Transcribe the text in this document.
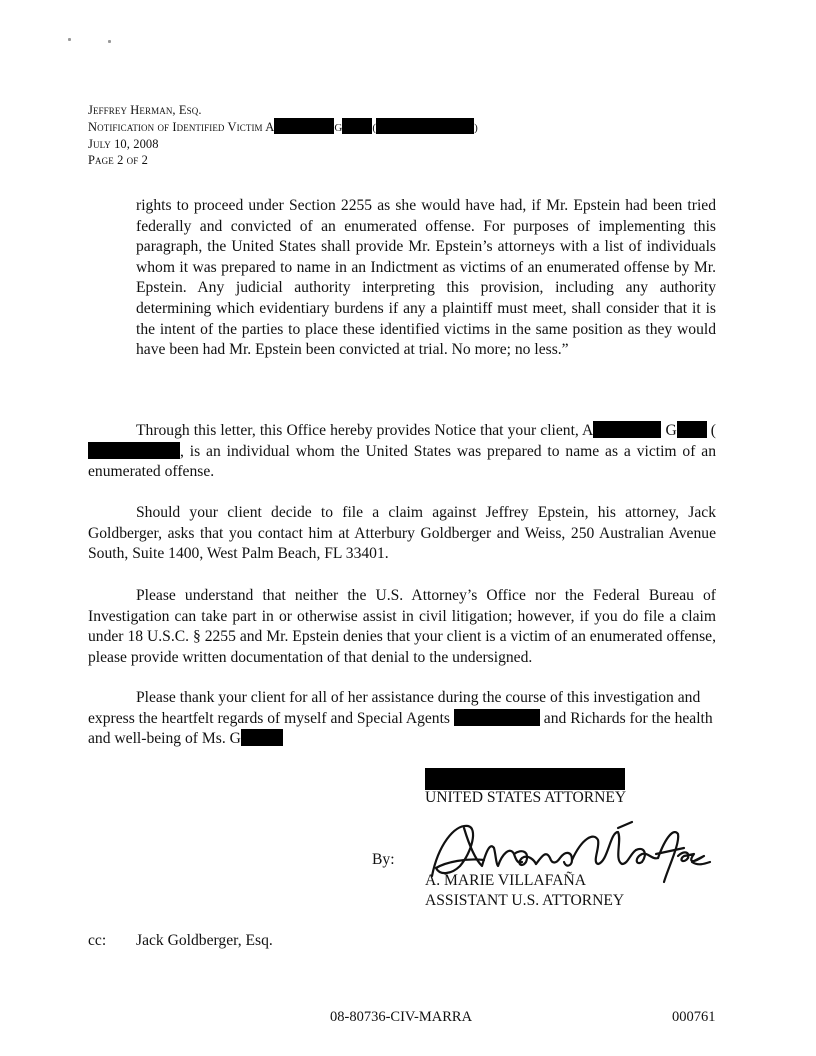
Jeffrey Herman, Esq.
Notification of Identified Victim A	G	(	)
July 10, 2008
Page 2 of 2
rights to proceed under Section 2255 as she would have had, if Mr. Epstein had been tried federally and convicted of an enumerated offense. For purposes of implementing this paragraph, the United States shall provide Mr. Epstein’s attorneys with a list of individuals whom it was prepared to name in an Indictment as victims of an enumerated offense by Mr. Epstein. Any judicial authority interpreting this provision, including any authority determining which evidentiary burdens if any a plaintiff must meet, shall consider that it is the intent of the parties to place these identified victims in the same position as they would have been had Mr. Epstein been convicted at trial. No more; no less.”

Through this letter, this Office hereby provides Notice that your client, A	G (, is an individual whom the United States was prepared to name as a victim of an enumerated offense.

Should your client decide to file a claim against Jeffrey Epstein, his attorney, Jack Goldberger, asks that you contact him at Atterbury Goldberger and Weiss, 250 Australian Avenue South, Suite 1400, West Palm Beach, FL 33401.

Please understand that neither the U.S. Attorney’s Office nor the Federal Bureau of Investigation can take part in or otherwise assist in civil litigation; however, if you do file a claim under 18 U.S.C. § 2255 and Mr. Epstein denies that your client is a victim of an enumerated offense, please provide written documentation of that denial to the undersigned.

Please thank your client for all of her assistance during the course of this investigation and express the heartfelt regards of myself and Special Agents	and Richards for the health and well-being of Ms. G

UNITED STATES ATTORNEY
By:
A. MARIE VILLAFAÑA
ASSISTANT U.S. ATTORNEY
cc: Jack Goldberger, Esq.
08-80736-CIV-MARRA	000761
